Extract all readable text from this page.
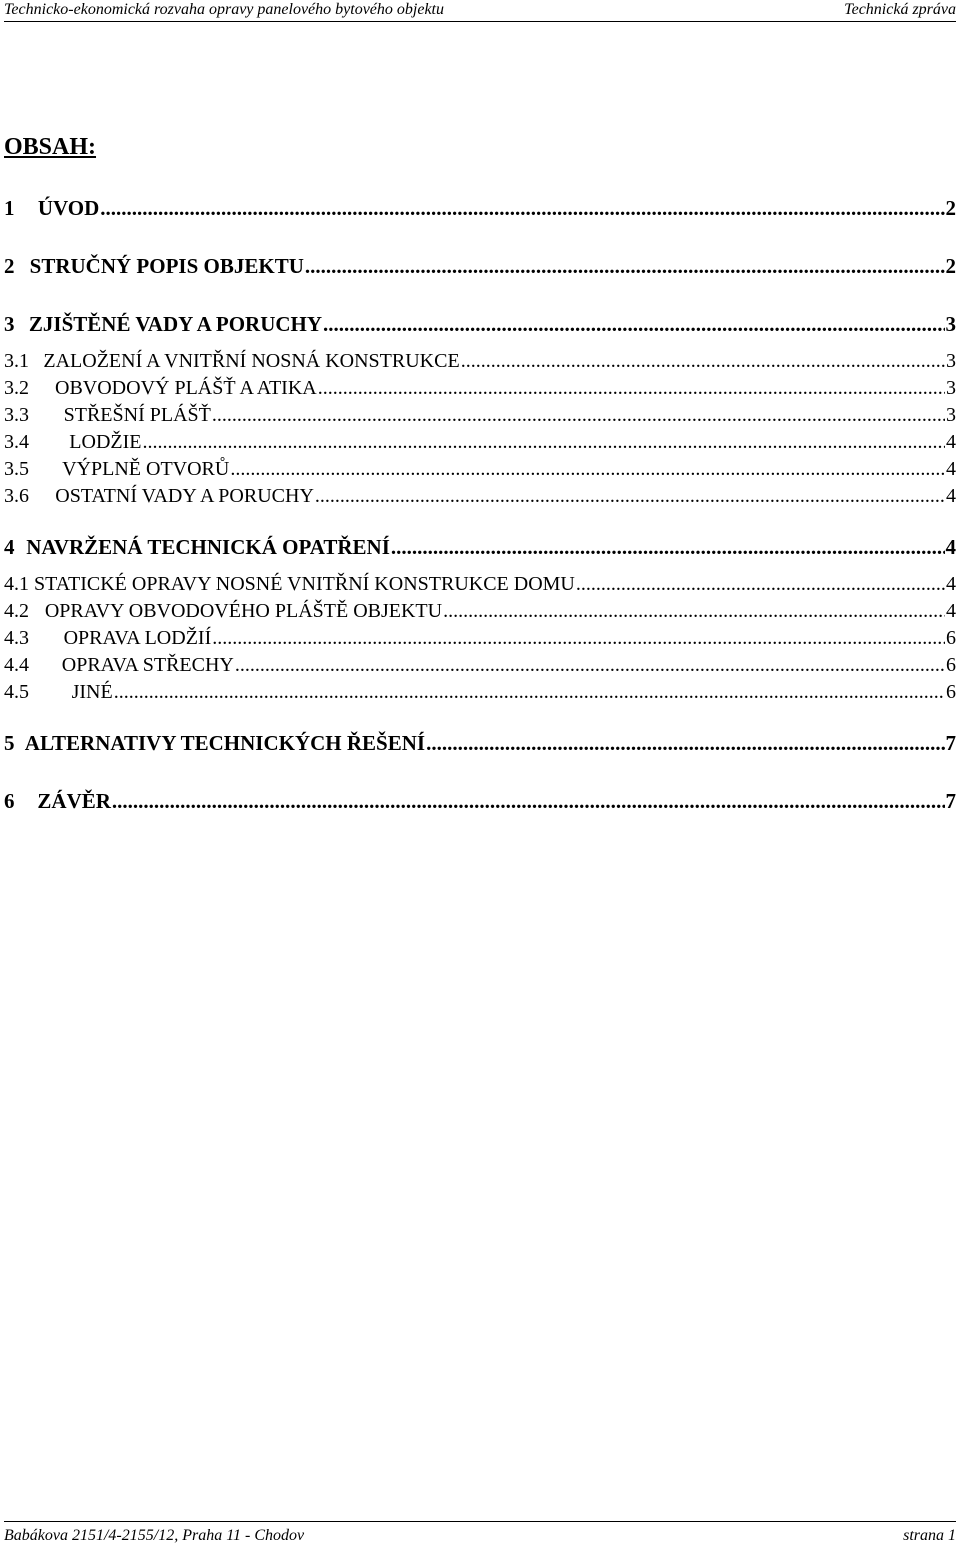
Technicko-ekonomická rozvaha opravy panelového bytového objektu	Technická zpráva
OBSAH:
1	ÚVOD .....	2
2 STRUČNÝ POPIS OBJEKTU .....	2
3 ZJIŠTĚNÉ VADY A PORUCHY .....	3
3.1 ZALOŽENÍ A VNITŘNÍ NOSNÁ KONSTRUKCE .....	3
3.2	OBVODOVÝ PLÁŠŤ A ATIKA .....	3
3.3	STŘEŠNÍ PLÁŠŤ .....	3
3.4	LODŽIE .....	4
3.5	VÝPLNĚ OTVORŮ .....	4
3.6	OSTATNÍ VADY A PORUCHY .....	4
4 NAVRŽENÁ TECHNICKÁ OPATŘENÍ .....	4
4.1 STATICKÉ OPRAVY NOSNÉ VNITŘNÍ KONSTRUKCE DOMU .....	4
4.2 OPRAVY OBVODOVÉHO PLÁŠTĚ OBJEKTU .....	4
4.3	OPRAVA LODŽIÍ .....	6
4.4	OPRAVA STŘECHY .....	6
4.5	JINÉ .....	6
5 ALTERNATIVY TECHNICKÝCH ŘEŠENÍ .....	7
6	ZÁVĚR .....	7
Babákova 2151/4-2155/12, Praha 11 - Chodov	strana 1
